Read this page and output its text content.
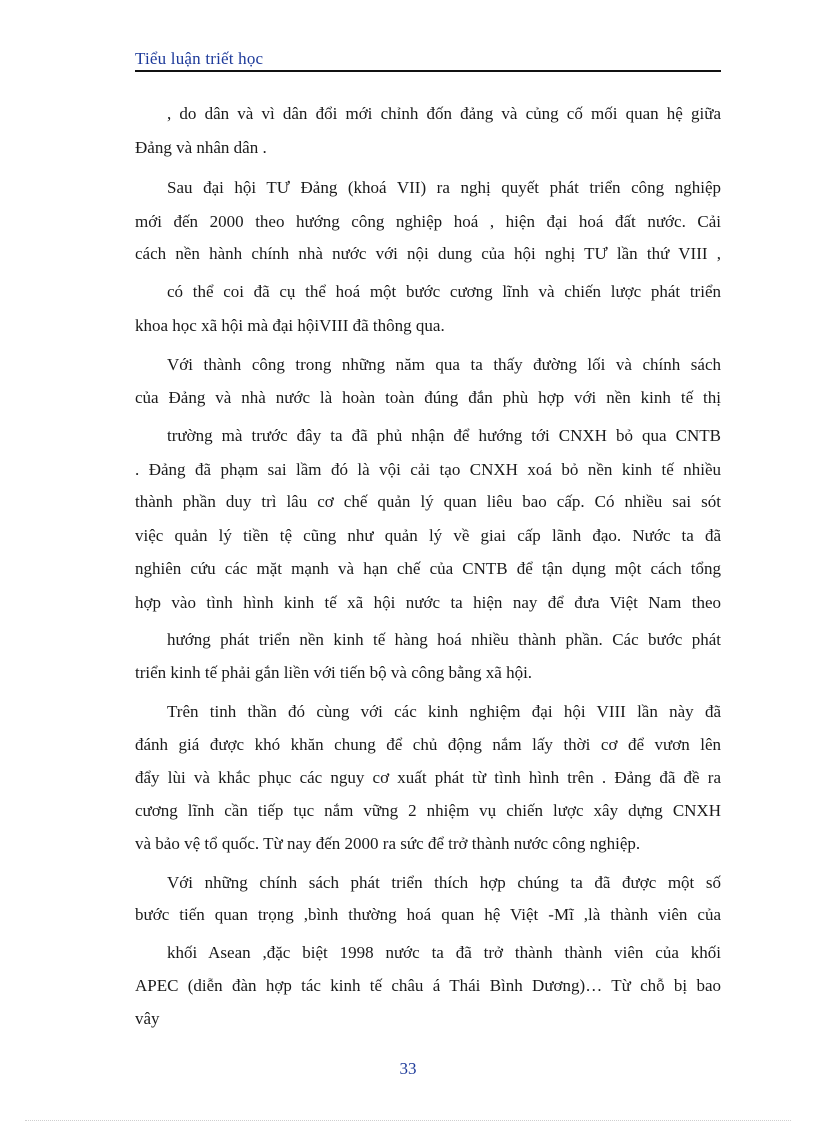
Tiểu luận triết học
, do dân và vì dân đổi mới chỉnh đốn đảng và củng cố mối quan hệ giữa
Đảng và nhân dân .
Sau đại hội TƯ Đảng (khoá VII) ra nghị quyết phát triển công nghiệp
mới đến 2000 theo hướng công nghiệp hoá , hiện đại hoá đất nước. Cải
cách nền hành chính nhà nước với nội dung của hội nghị TƯ lần thứ VIII ,
có thể coi đã cụ thể hoá một bước cương lĩnh và chiến lược phát triển
khoa học xã hội mà đại hộiVIII đã thông qua.
Với thành công trong những năm qua ta thấy đường lối và chính sách
của Đảng và nhà nước là hoàn toàn đúng đắn phù hợp với nền kinh tế thị
trường mà trước đây ta đã phủ nhận để hướng tới CNXH bỏ qua CNTB
. Đảng đã phạm sai lầm đó là vội cải tạo CNXH xoá bỏ nền kinh tế nhiều
thành phần duy trì lâu cơ chế quản lý quan liêu bao cấp. Có nhiều sai sót
việc quản lý tiền tệ cũng như quản lý về giai cấp lãnh đạo. Nước ta đã
nghiên cứu các mặt mạnh và hạn chế của CNTB để tận dụng một cách tổng
hợp vào tình hình kinh tế xã hội nước ta hiện nay để đưa Việt Nam theo
hướng phát triển nền kinh tế hàng hoá nhiều thành phần. Các bước phát
triển kinh tế phải gắn liền với tiến bộ và công bằng xã hội.
Trên tinh thần đó cùng với các kinh nghiệm đại hội VIII lần này đã
đánh giá được khó khăn chung để chủ động nắm lấy thời cơ để vươn lên
đẩy lùi và khắc phục các nguy cơ xuất phát từ tình hình trên . Đảng đã đề ra
cương lĩnh cần tiếp tục nắm vững 2 nhiệm vụ chiến lược xây dựng CNXH
và bảo vệ tổ quốc. Từ nay đến 2000 ra sức để trở thành nước công nghiệp.
Với những chính sách phát triển thích hợp chúng ta đã được một số
bước tiến quan trọng ,bình thường hoá quan hệ Việt -Mĩ ,là thành viên của
khối Asean ,đặc biệt 1998 nước ta đã trở thành thành viên của khối
APEC (diễn đàn hợp tác kinh tế châu á Thái Bình Dương)… Từ chỗ bị bao
vây
33
